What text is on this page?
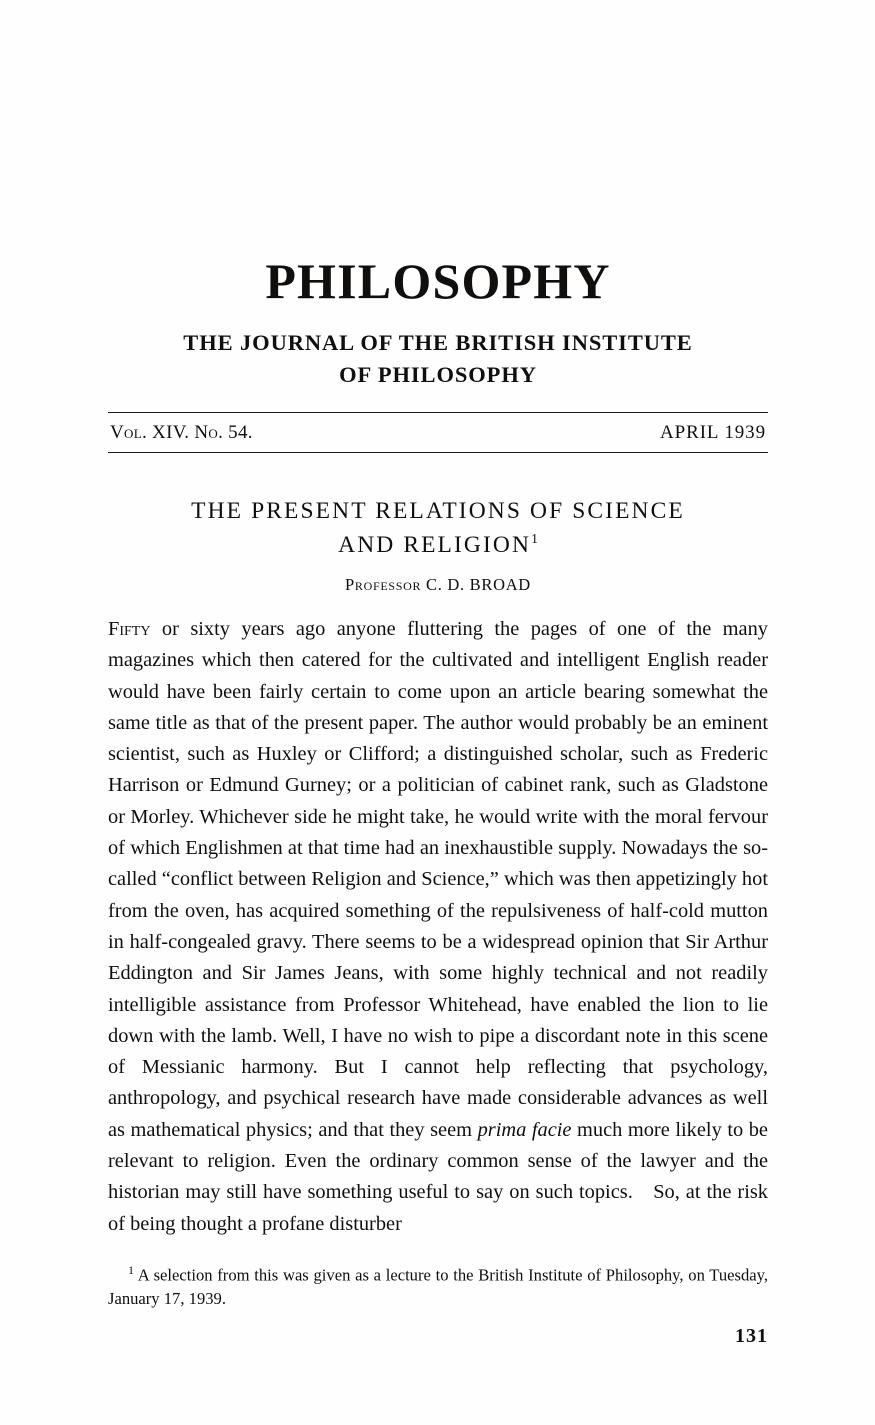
PHILOSOPHY
THE JOURNAL OF THE BRITISH INSTITUTE
OF PHILOSOPHY
Vol. XIV. No. 54.	APRIL 1939
THE PRESENT RELATIONS OF SCIENCE
AND RELIGION$^1$

Professor C. D. BROAD

Fifty or sixty years ago anyone fluttering the pages of one of the many magazines which then catered for the cultivated and intelligent English reader would have been fairly certain to come upon an article bearing somewhat the same title as that of the present paper. The author would probably be an eminent scientist, such as Huxley or Clifford; a distinguished scholar, such as Frederic Harrison or Edmund Gurney; or a politician of cabinet rank, such as Gladstone or Morley. Whichever side he might take, he would write with the moral fervour of which Englishmen at that time had an inexhaustible supply. Nowadays the so-called “conflict between Religion and Science,” which was then appetizingly hot from the oven, has acquired something of the repulsiveness of half-cold mutton in half-congealed gravy. There seems to be a widespread opinion that Sir Arthur Eddington and Sir James Jeans, with some highly technical and not readily intelligible assistance from Professor Whitehead, have enabled the lion to lie down with the lamb. Well, I have no wish to pipe a discordant note in this scene of Messianic harmony. But I cannot help reflecting that psychology, anthropology, and psychical research have made considerable advances as well as mathematical physics; and that they seem prima facie much more likely to be relevant to religion. Even the ordinary common sense of the lawyer and the historian may still have something useful to say on such topics. So, at the risk of being thought a profane disturber

$^1$ A selection from this was given as a lecture to the British Institute of Philosophy, on Tuesday, January 17, 1939.

131
